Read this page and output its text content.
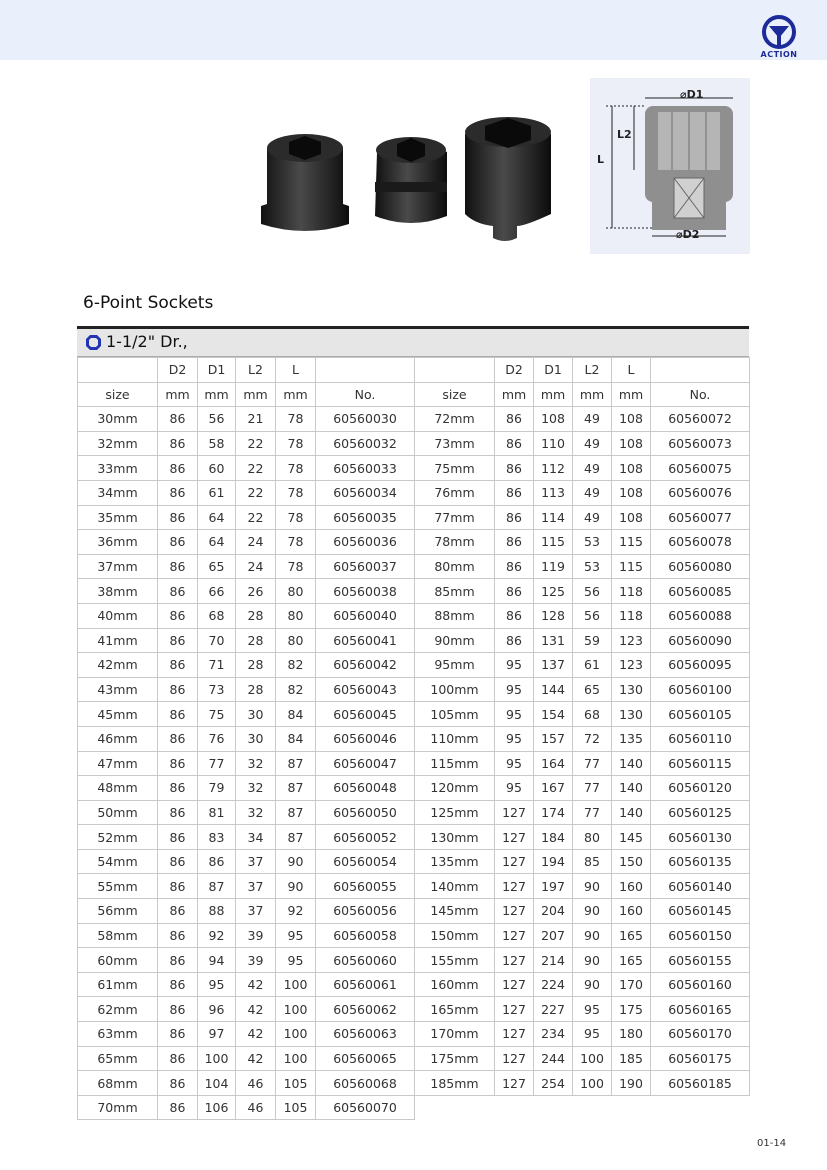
ACTION
⌀D1
⌀D2
L2
L
6-Point Sockets
1-1/2" Dr.,
	D2	D1	L2	L			D2	D1	L2	L	
size	mm	mm	mm	mm	No.	size	mm	mm	mm	mm	No.
30mm	86	56	21	78	60560030	72mm	86	108	49	108	60560072
32mm	86	58	22	78	60560032	73mm	86	110	49	108	60560073
33mm	86	60	22	78	60560033	75mm	86	112	49	108	60560075
34mm	86	61	22	78	60560034	76mm	86	113	49	108	60560076
35mm	86	64	22	78	60560035	77mm	86	114	49	108	60560077
36mm	86	64	24	78	60560036	78mm	86	115	53	115	60560078
37mm	86	65	24	78	60560037	80mm	86	119	53	115	60560080
38mm	86	66	26	80	60560038	85mm	86	125	56	118	60560085
40mm	86	68	28	80	60560040	88mm	86	128	56	118	60560088
41mm	86	70	28	80	60560041	90mm	86	131	59	123	60560090
42mm	86	71	28	82	60560042	95mm	95	137	61	123	60560095
43mm	86	73	28	82	60560043	100mm	95	144	65	130	60560100
45mm	86	75	30	84	60560045	105mm	95	154	68	130	60560105
46mm	86	76	30	84	60560046	110mm	95	157	72	135	60560110
47mm	86	77	32	87	60560047	115mm	95	164	77	140	60560115
48mm	86	79	32	87	60560048	120mm	95	167	77	140	60560120
50mm	86	81	32	87	60560050	125mm	127	174	77	140	60560125
52mm	86	83	34	87	60560052	130mm	127	184	80	145	60560130
54mm	86	86	37	90	60560054	135mm	127	194	85	150	60560135
55mm	86	87	37	90	60560055	140mm	127	197	90	160	60560140
56mm	86	88	37	92	60560056	145mm	127	204	90	160	60560145
58mm	86	92	39	95	60560058	150mm	127	207	90	165	60560150
60mm	86	94	39	95	60560060	155mm	127	214	90	165	60560155
61mm	86	95	42	100	60560061	160mm	127	224	90	170	60560160
62mm	86	96	42	100	60560062	165mm	127	227	95	175	60560165
63mm	86	97	42	100	60560063	170mm	127	234	95	180	60560170
65mm	86	100	42	100	60560065	175mm	127	244	100	185	60560175
68mm	86	104	46	105	60560068	185mm	127	254	100	190	60560185
70mm	86	106	46	105	60560070						
01-14
